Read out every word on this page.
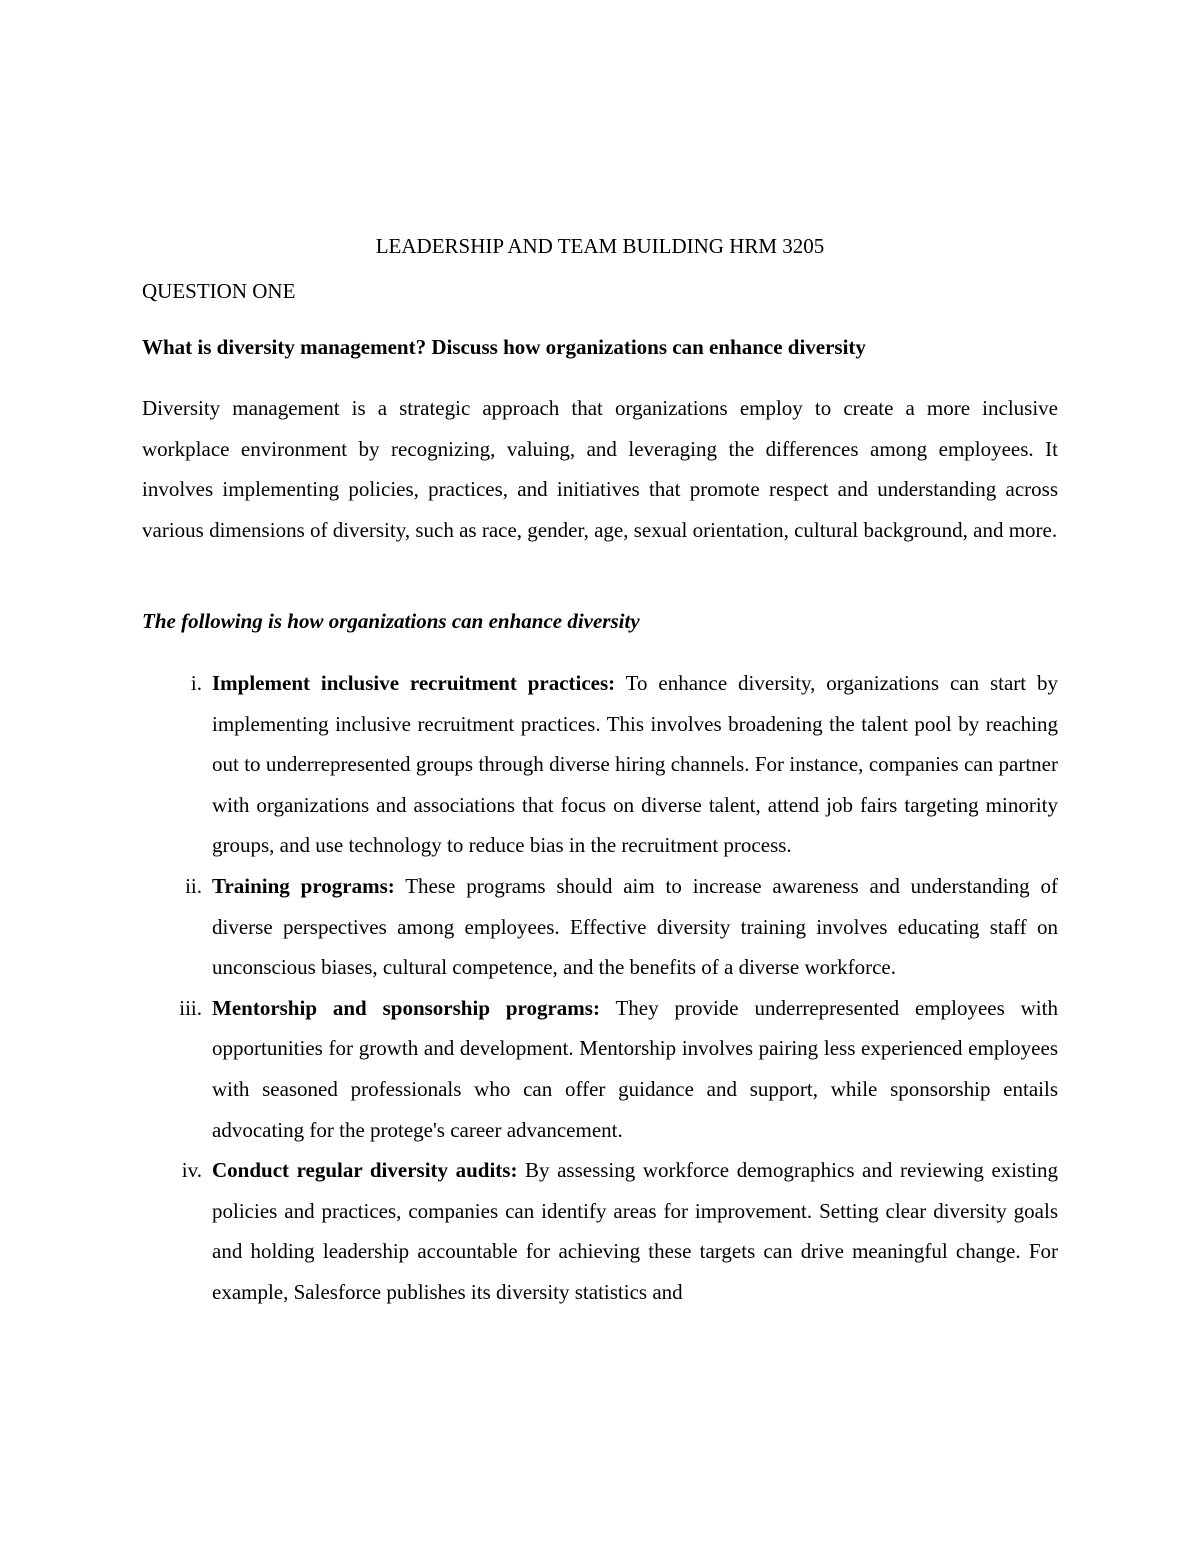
LEADERSHIP AND TEAM BUILDING HRM 3205
QUESTION ONE
What is diversity management? Discuss how organizations can enhance diversity

Diversity management is a strategic approach that organizations employ to create a more inclusive workplace environment by recognizing, valuing, and leveraging the differences among employees. It involves implementing policies, practices, and initiatives that promote respect and understanding across various dimensions of diversity, such as race, gender, age, sexual orientation, cultural background, and more.

The following is how organizations can enhance diversity
i. Implement inclusive recruitment practices: To enhance diversity, organizations can start by implementing inclusive recruitment practices. This involves broadening the talent pool by reaching out to underrepresented groups through diverse hiring channels. For instance, companies can partner with organizations and associations that focus on diverse talent, attend job fairs targeting minority groups, and use technology to reduce bias in the recruitment process.
ii. Training programs: These programs should aim to increase awareness and understanding of diverse perspectives among employees. Effective diversity training involves educating staff on unconscious biases, cultural competence, and the benefits of a diverse workforce.
iii. Mentorship and sponsorship programs: They provide underrepresented employees with opportunities for growth and development. Mentorship involves pairing less experienced employees with seasoned professionals who can offer guidance and support, while sponsorship entails advocating for the protege's career advancement.
iv. Conduct regular diversity audits: By assessing workforce demographics and reviewing existing policies and practices, companies can identify areas for improvement. Setting clear diversity goals and holding leadership accountable for achieving these targets can drive meaningful change. For example, Salesforce publishes its diversity statistics and
